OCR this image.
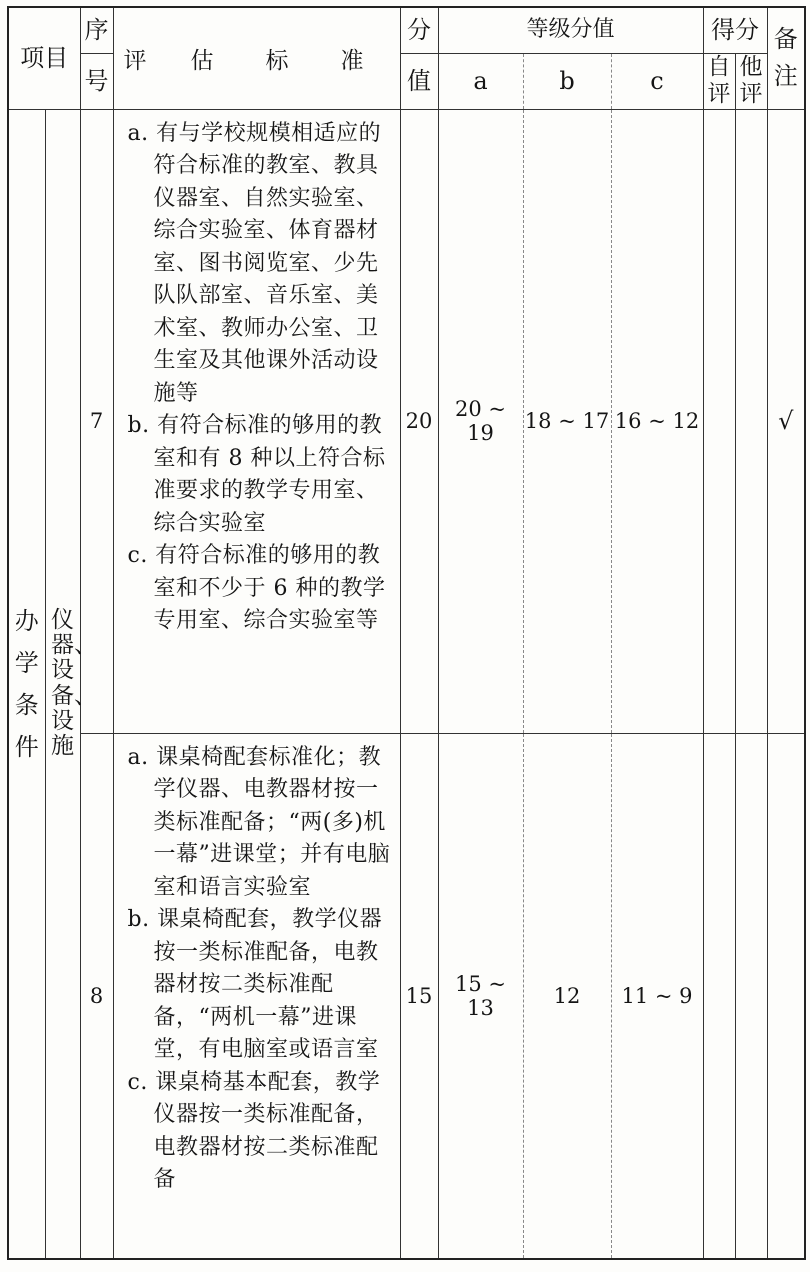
项目		序	评 估 标 准	分	等级分值			得分		备注
		号		值	a	b	c	自评	他评	
办学条件	仪器、设备、设施	7	a. 有与学校规模相适应的符合标准的教室、教具仪器室、自然实验室、综合实验室、体育器材室、图书阅览室、少先队队部室、音乐室、美术室、教师办公室、卫生室及其他课外活动设施等
b. 有符合标准的够用的教室和有 8 种以上符合标准要求的教学专用室、综合实验室
c. 有符合标准的够用的教室和不少于 6 种的教学专用室、综合实验室等	20	20 ~ 19	18 ~ 17	16 ~ 12			√
		8	a. 课桌椅配套标准化；教学仪器、电教器材按一类标准配备；“两(多)机一幕”进课堂；并有电脑室和语言实验室
b. 课桌椅配套，教学仪器按一类标准配备，电教器材按二类标准配备，“两机一幕”进课堂，有电脑室或语言室
c. 课桌椅基本配套，教学仪器按一类标准配备，电教器材按二类标准配备	15	15 ~ 13	12	11 ~ 9			
